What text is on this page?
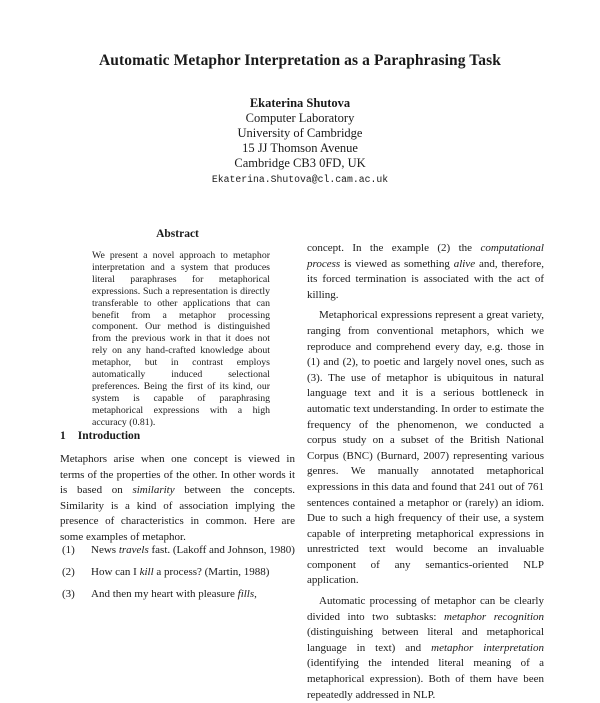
Automatic Metaphor Interpretation as a Paraphrasing Task
Ekaterina Shutova
Computer Laboratory
University of Cambridge
15 JJ Thomson Avenue
Cambridge CB3 0FD, UK
Ekaterina.Shutova@cl.cam.ac.uk
Abstract

We present a novel approach to metaphor interpretation and a system that produces literal paraphrases for metaphorical expressions. Such a representation is directly transferable to other applications that can benefit from a metaphor processing component. Our method is distinguished from the previous work in that it does not rely on any hand-crafted knowledge about metaphor, but in contrast employs automatically induced selectional preferences. Being the first of its kind, our system is capable of paraphrasing metaphorical expressions with a high accuracy (0.81).

1 Introduction

Metaphors arise when one concept is viewed in terms of the properties of the other. In other words it is based on similarity between the concepts. Similarity is a kind of association implying the presence of characteristics in common. Here are some examples of metaphor.

(1)	News travels fast. (Lakoff and Johnson, 1980)
(2)	How can I kill a process? (Martin, 1988)
(3)	And then my heart with pleasure fills,

concept. In the example (2) the computational process is viewed as something alive and, therefore, its forced termination is associated with the act of killing.

Metaphorical expressions represent a great variety, ranging from conventional metaphors, which we reproduce and comprehend every day, e.g. those in (1) and (2), to poetic and largely novel ones, such as (3). The use of metaphor is ubiquitous in natural language text and it is a serious bottleneck in automatic text understanding. In order to estimate the frequency of the phenomenon, we conducted a corpus study on a subset of the British National Corpus (BNC) (Burnard, 2007) representing various genres. We manually annotated metaphorical expressions in this data and found that 241 out of 761 sentences contained a metaphor or (rarely) an idiom. Due to such a high frequency of their use, a system capable of interpreting metaphorical expressions in unrestricted text would become an invaluable component of any semantics-oriented NLP application.

Automatic processing of metaphor can be clearly divided into two subtasks: metaphor recognition (distinguishing between literal and metaphorical language in text) and metaphor interpretation (identifying the intended literal meaning of a metaphorical expression). Both of them have been repeatedly addressed in NLP.
